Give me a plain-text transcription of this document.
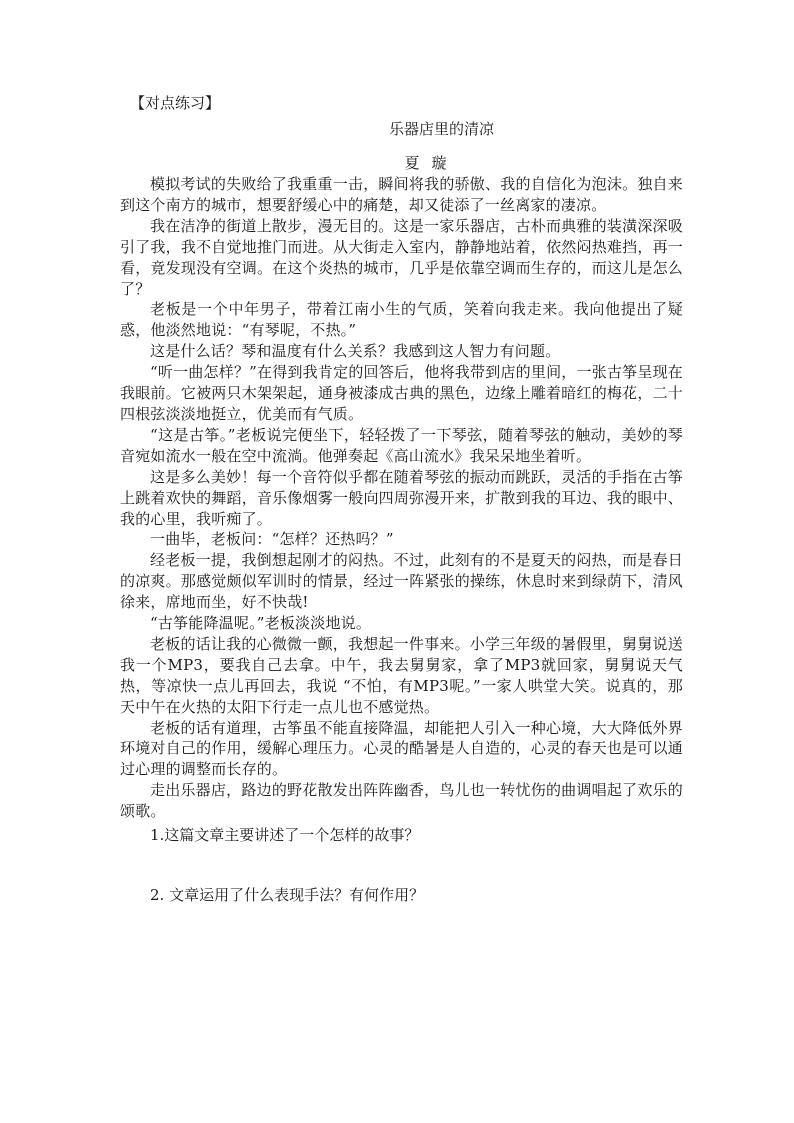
【对点练习】

乐器店里的清凉

夏璇

模拟考试的失败给了我重重一击，瞬间将我的骄傲、我的自信化为泡沫。独自来到这个南方的城市，想要舒缓心中的痛楚，却又徒添了一丝离家的凄凉。

我在洁净的街道上散步，漫无目的。这是一家乐器店，古朴而典雅的装潢深深吸引了我，我不自觉地推门而进。从大街走入室内，静静地站着，依然闷热难挡，再一看，竟发现没有空调。在这个炎热的城市，几乎是依靠空调而生存的，而这儿是怎么了？

老板是一个中年男子，带着江南小生的气质，笑着向我走来。我向他提出了疑惑，他淡然地说：“有琴呢，不热。”

这是什么话？琴和温度有什么关系？我感到这人智力有问题。

“听一曲怎样？”在得到我肯定的回答后，他将我带到店的里间，一张古筝呈现在我眼前。它被两只木架架起，通身被漆成古典的黑色，边缘上雕着暗红的梅花，二十四根弦淡淡地挺立，优美而有气质。

“这是古筝。”老板说完便坐下，轻轻拨了一下琴弦，随着琴弦的触动，美妙的琴音宛如流水一般在空中流淌。他弹奏起《高山流水》我呆呆地坐着听。

这是多么美妙！每一个音符似乎都在随着琴弦的振动而跳跃，灵活的手指在古筝上跳着欢快的舞蹈，音乐像烟雾一般向四周弥漫开来，扩散到我的耳边、我的眼中、我的心里，我听痴了。

一曲毕，老板问：“怎样？还热吗？”

经老板一提，我倒想起刚才的闷热。不过，此刻有的不是夏天的闷热，而是春日的凉爽。那感觉颇似军训时的情景，经过一阵紧张的操练，休息时来到绿荫下，清风徐来，席地而坐，好不快哉!

“古筝能降温呢。”老板淡淡地说。

老板的话让我的心微微一颤，我想起一件事来。小学三年级的暑假里，舅舅说送我一个MP3，要我自己去拿。中午，我去舅舅家，拿了MP3就回家，舅舅说天气热，等凉快一点儿再回去，我说 “不怕，有MP3呢。”一家人哄堂大笑。说真的，那天中午在火热的太阳下行走一点儿也不感觉热。

老板的话有道理，古筝虽不能直接降温，却能把人引入一种心境，大大降低外界环境对自己的作用，缓解心理压力。心灵的酷暑是人自造的，心灵的春天也是可以通过心理的调整而长存的。

走出乐器店，路边的野花散发出阵阵幽香，鸟儿也一转忧伤的曲调唱起了欢乐的颂歌。

1.这篇文章主要讲述了一个怎样的故事？

2. 文章运用了什么表现手法？有何作用？
